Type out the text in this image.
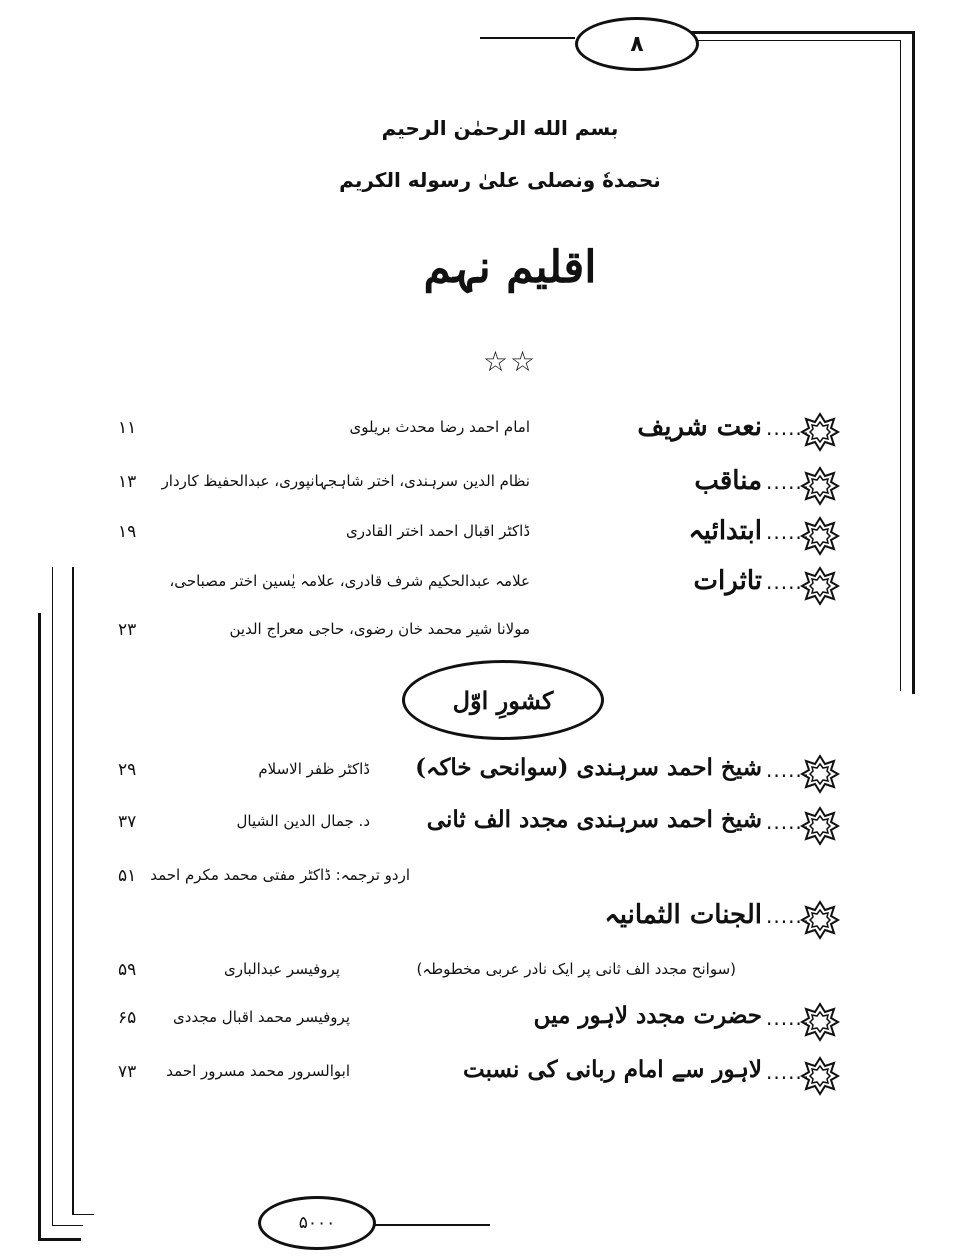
٨
بسم الله الرحمٰن الرحیم
نحمدهٗ ونصلی علیٰ رسوله الکریم
اقلیم نہم
☆☆
......
نعت شریف
امام احمد رضا محدث بریلوی
۱۱
......
مناقب
نظام الدین سرہندی، اختر شاہجہانپوری، عبدالحفیظ کاردار
۱۳
......
ابتدائیہ
ڈاکٹر اقبال احمد اختر القادری
۱۹
......
تاثرات
علامہ عبدالحکیم شرف قادری، علامہ یٰسین اختر مصباحی،
مولانا شیر محمد خان رضوی، حاجی معراج الدین
۲۳
کشورِ اوّل
......
شیخ احمد سرہندی (سوانحی خاکہ)
ڈاکٹر ظفر الاسلام
۲۹
......
شیخ احمد سرہندی مجدد الف ثانی
د. جمال الدین الشیال
۳۷
اردو ترجمہ: ڈاکٹر مفتی محمد مکرم احمد
۵۱
......
الجنات الثمانیہ
(سوانح مجدد الف ثانی پر ایک نادر عربی مخطوطہ)
پروفیسر عبدالباری
۵۹
......
حضرت مجدد لاہور میں
پروفیسر محمد اقبال مجددی
۶۵
......
لاہور سے امام ربانی کی نسبت
ابوالسرور محمد مسرور احمد
۷۳
۵۰۰۰
